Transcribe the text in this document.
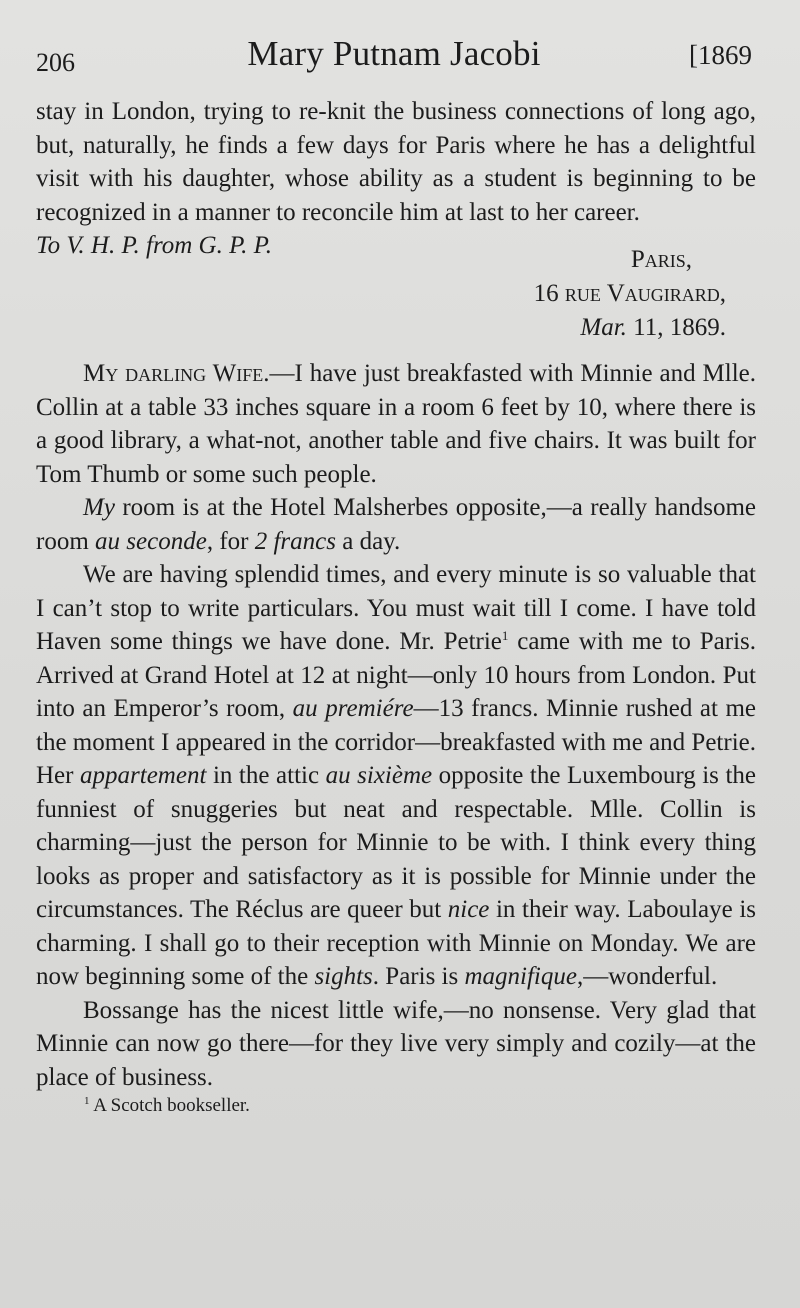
206	Mary Putnam Jacobi	[1869

stay in London, trying to re-knit the business connections of long ago, but, naturally, he finds a few days for Paris where he has a delightful visit with his daughter, whose ability as a student is beginning to be recognized in a manner to reconcile him at last to her career.

To V. H. P. from G. P. P.
Paris,
16 rue Vaugirard,
Mar. 11, 1869.

My darling Wife.—I have just breakfasted with Minnie and Mlle. Collin at a table 33 inches square in a room 6 feet by 10, where there is a good library, a what-not, another table and five chairs. It was built for Tom Thumb or some such people.

My room is at the Hotel Malsherbes opposite,—a really handsome room au seconde, for 2 francs a day.

We are having splendid times, and every minute is so valuable that I can’t stop to write particulars. You must wait till I come. I have told Haven some things we have done. Mr. Petrie$^1$ came with me to Paris. Arrived at Grand Hotel at 12 at night—only 10 hours from London. Put into an Emperor’s room, au premiére—13 francs. Minnie rushed at me the moment I appeared in the corridor—breakfasted with me and Petrie. Her appartement in the attic au sixième opposite the Luxembourg is the funniest of snuggeries but neat and respectable. Mlle. Collin is charming—just the person for Minnie to be with. I think every thing looks as proper and satisfactory as it is possible for Minnie under the circumstances. The Réclus are queer but nice in their way. Laboulaye is charming. I shall go to their reception with Minnie on Monday. We are now beginning some of the sights. Paris is magnifique,—wonderful.

Bossange has the nicest little wife,—no nonsense. Very glad that Minnie can now go there—for they live very simply and cozily—at the place of business.

$^1$ A Scotch bookseller.
